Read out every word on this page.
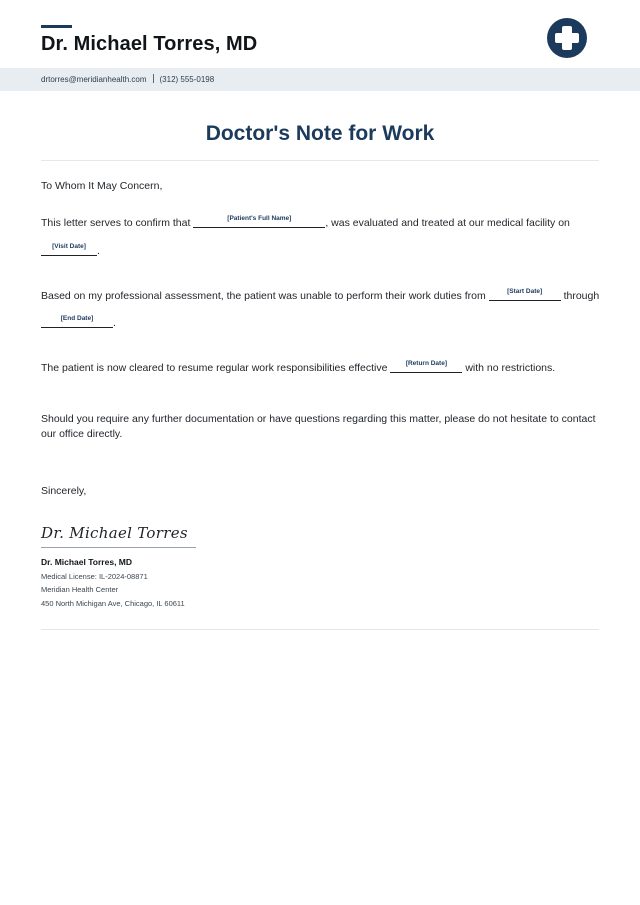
Dr. Michael Torres, MD
drtorres@meridianhealth.com (312) 555-0198
Doctor's Note for Work
To Whom It May Concern,
This letter serves to confirm that	[Patient's Full Name]	, was evaluated and treated at our medical facility on
[Visit Date]	.
Based on my professional assessment, the patient was unable to perform their work duties from	[Start Date]	through
[End Date]	.
The patient is now cleared to resume regular work responsibilities effective	[Return Date]	with no restrictions.
Should you require any further documentation or have questions regarding this matter, please do not hesitate to contact our office directly.
Sincerely,
Dr. Michael Torres
Dr. Michael Torres, MD
Medical License: IL-2024-08871
Meridian Health Center
450 North Michigan Ave, Chicago, IL 60611
